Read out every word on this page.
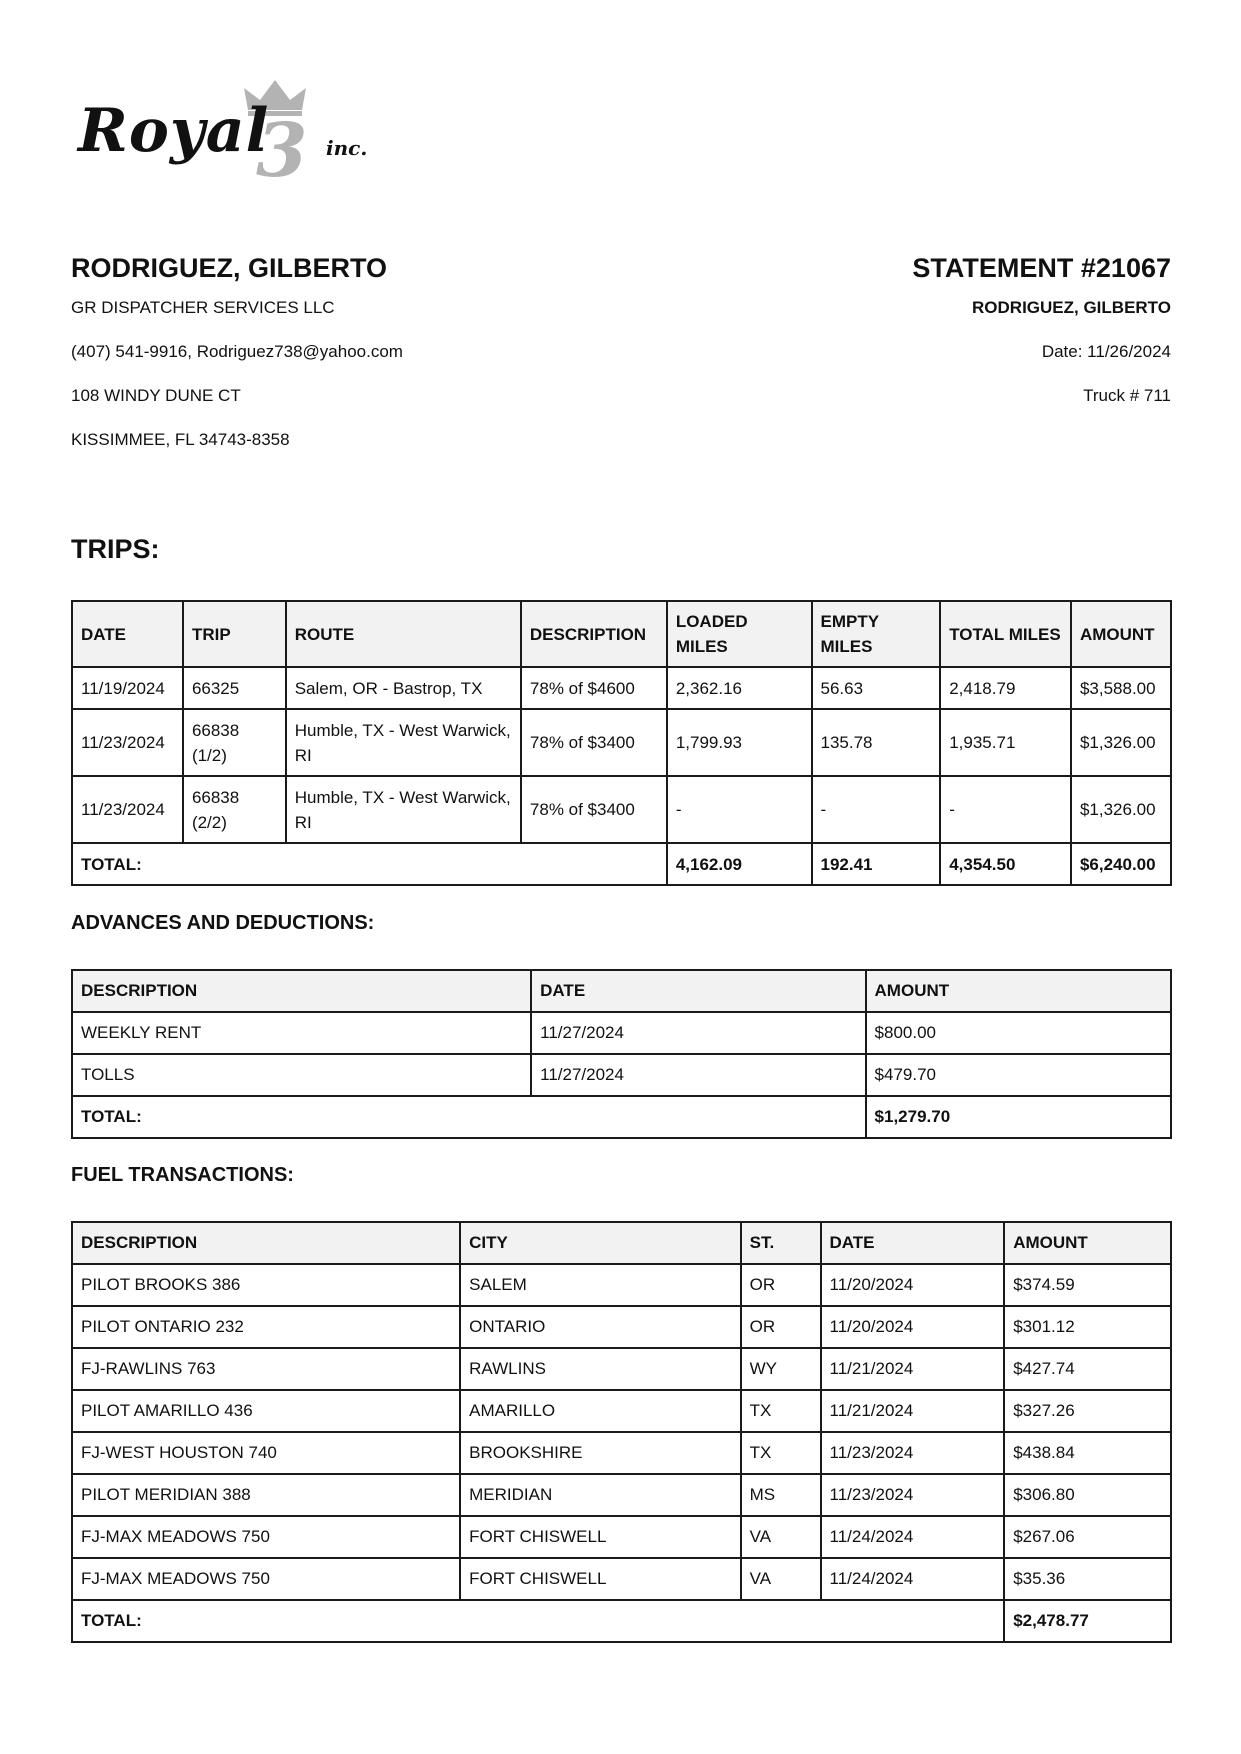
Royal
3 inc.
RODRIGUEZ, GILBERTO
GR DISPATCHER SERVICES LLC
(407) 541-9916, Rodriguez738@yahoo.com
108 WINDY DUNE CT
KISSIMMEE, FL 34743-8358
STATEMENT #21067
RODRIGUEZ, GILBERTO
Date: 11/26/2024
Truck # 711
TRIPS:
DATE	TRIP	ROUTE	DESCRIPTION	LOADED MILES	EMPTY MILES	TOTAL MILES	AMOUNT
11/19/2024	66325	Salem, OR - Bastrop, TX	78% of $4600	2,362.16	56.63	2,418.79	$3,588.00
11/23/2024	66838 (1/2)	Humble, TX - West Warwick, RI	78% of $3400	1,799.93	135.78	1,935.71	$1,326.00
11/23/2024	66838 (2/2)	Humble, TX - West Warwick, RI	78% of $3400	-	-	-	$1,326.00
TOTAL:				4,162.09	192.41	4,354.50	$6,240.00
ADVANCES AND DEDUCTIONS:
DESCRIPTION	DATE	AMOUNT
WEEKLY RENT	11/27/2024	$800.00
TOLLS	11/27/2024	$479.70
TOTAL:		$1,279.70
FUEL TRANSACTIONS:
DESCRIPTION	CITY	ST.	DATE	AMOUNT
PILOT BROOKS 386	SALEM	OR	11/20/2024	$374.59
PILOT ONTARIO 232	ONTARIO	OR	11/20/2024	$301.12
FJ-RAWLINS 763	RAWLINS	WY	11/21/2024	$427.74
PILOT AMARILLO 436	AMARILLO	TX	11/21/2024	$327.26
FJ-WEST HOUSTON 740	BROOKSHIRE	TX	11/23/2024	$438.84
PILOT MERIDIAN 388	MERIDIAN	MS	11/23/2024	$306.80
FJ-MAX MEADOWS 750	FORT CHISWELL	VA	11/24/2024	$267.06
FJ-MAX MEADOWS 750	FORT CHISWELL	VA	11/24/2024	$35.36
TOTAL:				$2,478.77
